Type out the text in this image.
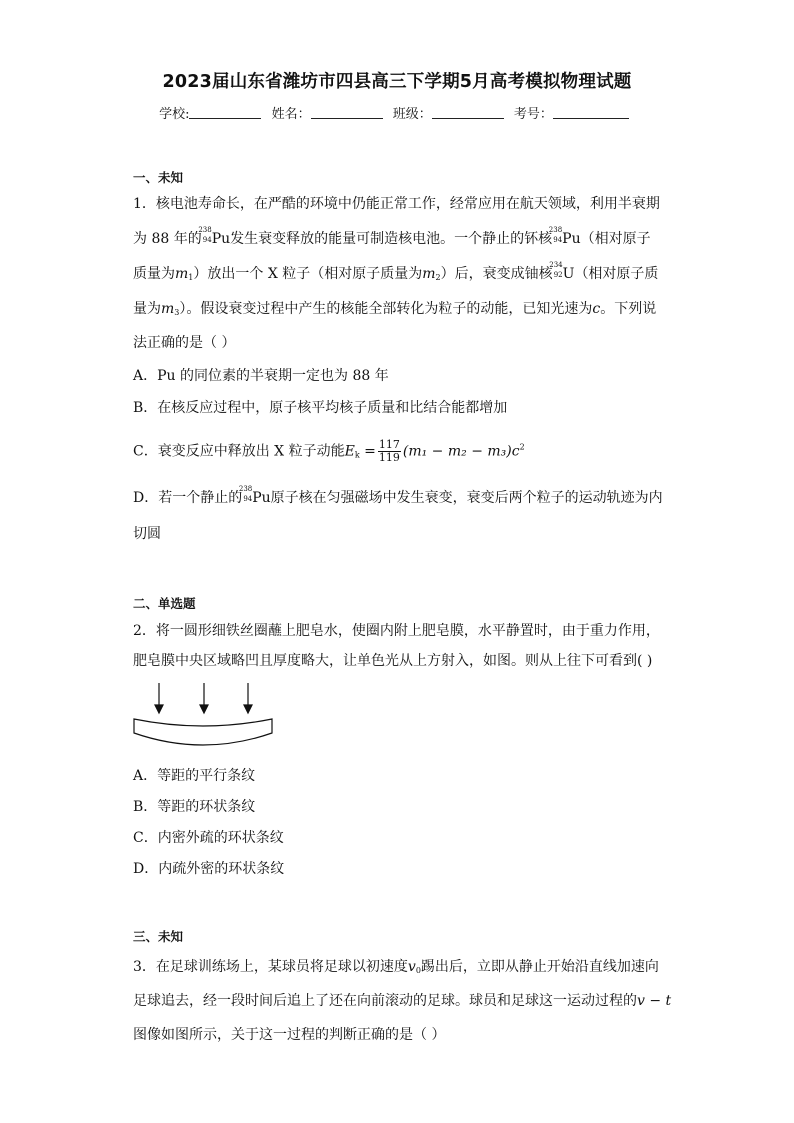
2023届山东省潍坊市四县高三下学期5月高考模拟物理试题
学校:	姓名：	班级：	考号：
一、未知
1．核电池寿命长，在严酷的环境中仍能正常工作，经常应用在航天领域，利用半衰期
为 88 年的
238
94 Pu发生衰变释放的能量可制造核电池。一个静止的钚核
238
94 Pu（相对原子
质量为$m_1$）放出一个 X 粒子（相对原子质量为$m_2$）后，衰变成铀核
234
92 U（相对原子质
量为$m_3$）。假设衰变过程中产生的核能全部转化为粒子的动能，已知光速为c。下列说
法正确的是（ ）
A．Pu 的同位素的半衰期一定也为 88 年
B．在核反应过程中，原子核平均核子质量和比结合能都增加
C．衰变反应中释放出 X 粒子动能$E_k = \frac{117}{119} (m_1 - m_2 - m_3)c^2$
D．若一个静止的
238
94 Pu原子核在匀强磁场中发生衰变，衰变后两个粒子的运动轨迹为内
切圆
二、单选题
2．将一圆形细铁丝圈蘸上肥皂水，使圈内附上肥皂膜，水平静置时，由于重力作用，
肥皂膜中央区域略凹且厚度略大，让单色光从上方射入，如图。则从上往下可看到( )
A．等距的平行条纹
B．等距的环状条纹
C．内密外疏的环状条纹
D．内疏外密的环状条纹
三、未知
3．在足球训练场上，某球员将足球以初速度$v_0$踢出后，立即从静止开始沿直线加速向
足球追去，经一段时间后追上了还在向前滚动的足球。球员和足球这一运动过程的v − t
图像如图所示，关于这一过程的判断正确的是（ ）
